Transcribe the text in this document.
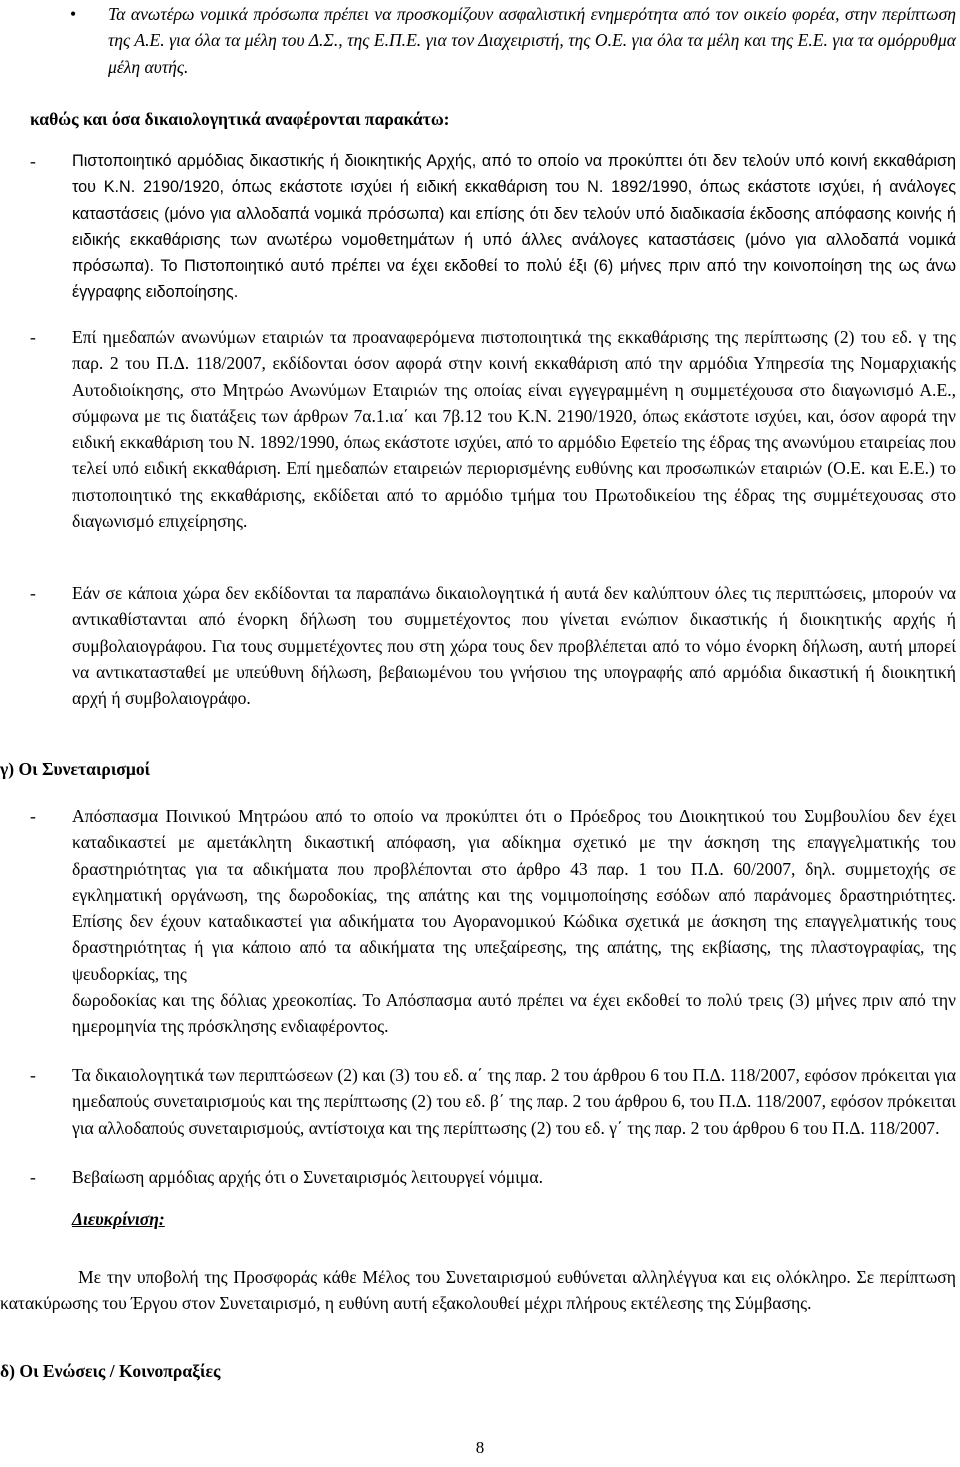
• Τα ανωτέρω νομικά πρόσωπα πρέπει να προσκομίζουν ασφαλιστική ενημερότητα από τον οικείο φορέα, στην περίπτωση της Α.Ε. για όλα τα μέλη του Δ.Σ., της Ε.Π.Ε. για τον Διαχειριστή, της Ο.Ε. για όλα τα μέλη και της Ε.Ε. για τα ομόρρυθμα μέλη αυτής.
καθώς και όσα δικαιολογητικά αναφέρονται παρακάτω:
- Πιστοποιητικό αρμόδιας δικαστικής ή διοικητικής Αρχής, από το οποίο να προκύπτει ότι δεν τελούν υπό κοινή εκκαθάριση του Κ.Ν. 2190/1920, όπως εκάστοτε ισχύει ή ειδική εκκαθάριση του Ν. 1892/1990, όπως εκάστοτε ισχύει, ή ανάλογες καταστάσεις (μόνο για αλλοδαπά νομικά πρόσωπα) και επίσης ότι δεν τελούν υπό διαδικασία έκδοσης απόφασης κοινής ή ειδικής εκκαθάρισης των ανωτέρω νομοθετημάτων ή υπό άλλες ανάλογες καταστάσεις (μόνο για αλλοδαπά νομικά πρόσωπα). Το Πιστοποιητικό αυτό πρέπει να έχει εκδοθεί το πολύ έξι (6) μήνες πριν από την κοινοποίηση της ως άνω έγγραφης ειδοποίησης.
- Επί ημεδαπών ανωνύμων εταιριών τα προαναφερόμενα πιστοποιητικά της εκκαθάρισης της περίπτωσης (2) του εδ. γ της παρ. 2 του Π.Δ. 118/2007, εκδίδονται όσον αφορά στην κοινή εκκαθάριση από την αρμόδια Υπηρεσία της Νομαρχιακής Αυτοδιοίκησης, στο Μητρώο Ανωνύμων Εταιριών της οποίας είναι εγγεγραμμένη η συμμετέχουσα στο διαγωνισμό Α.Ε., σύμφωνα με τις διατάξεις των άρθρων 7α.1.ια΄ και 7β.12 του Κ.Ν. 2190/1920, όπως εκάστοτε ισχύει, και, όσον αφορά την ειδική εκκαθάριση του Ν. 1892/1990, όπως εκάστοτε ισχύει, από το αρμόδιο Εφετείο της έδρας της ανωνύμου εταιρείας που τελεί υπό ειδική εκκαθάριση. Επί ημεδαπών εταιρειών περιορισμένης ευθύνης και προσωπικών εταιριών (Ο.Ε. και Ε.Ε.) το πιστοποιητικό της εκκαθάρισης, εκδίδεται από το αρμόδιο τμήμα του Πρωτοδικείου της έδρας της συμμέτεχουσας στο διαγωνισμό επιχείρησης.
- Εάν σε κάποια χώρα δεν εκδίδονται τα παραπάνω δικαιολογητικά ή αυτά δεν καλύπτουν όλες τις περιπτώσεις, μπορούν να αντικαθίστανται από ένορκη δήλωση του συμμετέχοντος που γίνεται ενώπιον δικαστικής ή διοικητικής αρχής ή συμβολαιογράφου. Για τους συμμετέχοντες που στη χώρα τους δεν προβλέπεται από το νόμο ένορκη δήλωση, αυτή μπορεί να αντικατασταθεί με υπεύθυνη δήλωση, βεβαιωμένου του γνήσιου της υπογραφής από αρμόδια δικαστική ή διοικητική αρχή ή συμβολαιογράφο.
γ) Οι Συνεταιρισμοί
- Απόσπασμα Ποινικού Μητρώου από το οποίο να προκύπτει ότι ο Πρόεδρος του Διοικητικού του Συμβουλίου δεν έχει καταδικαστεί με αμετάκλητη δικαστική απόφαση, για αδίκημα σχετικό με την άσκηση της επαγγελματικής του δραστηριότητας για τα αδικήματα που προβλέπονται στο άρθρο 43 παρ. 1 του Π.Δ. 60/2007, δηλ. συμμετοχής σε εγκληματική οργάνωση, της δωροδοκίας, της απάτης και της νομιμοποίησης εσόδων από παράνομες δραστηριότητες. Επίσης δεν έχουν καταδικαστεί για αδικήματα του Αγορανομικού Κώδικα σχετικά με άσκηση της επαγγελματικής τους δραστηριότητας ή για κάποιο από τα αδικήματα της υπεξαίρεσης, της απάτης, της εκβίασης, της πλαστογραφίας, της ψευδορκίας, της
δωροδοκίας και της δόλιας χρεοκοπίας. Το Απόσπασμα αυτό πρέπει να έχει εκδοθεί το πολύ τρεις (3) μήνες πριν από την ημερομηνία της πρόσκλησης ενδιαφέροντος.
- Τα δικαιολογητικά των περιπτώσεων (2) και (3) του εδ. α΄ της παρ. 2 του άρθρου 6 του Π.Δ. 118/2007, εφόσον πρόκειται για ημεδαπούς συνεταιρισμούς και της περίπτωσης (2) του εδ. β΄ της παρ. 2 του άρθρου 6, του Π.Δ. 118/2007, εφόσον πρόκειται για αλλοδαπούς συνεταιρισμούς, αντίστοιχα και της περίπτωσης (2) του εδ. γ΄ της παρ. 2 του άρθρου 6 του Π.Δ. 118/2007.
- Βεβαίωση αρμόδιας αρχής ότι ο Συνεταιρισμός λειτουργεί νόμιμα.
Διευκρίνιση:
Με την υποβολή της Προσφοράς κάθε Μέλος του Συνεταιρισμού ευθύνεται αλληλέγγυα και εις ολόκληρο. Σε περίπτωση κατακύρωσης του Έργου στον Συνεταιρισμό, η ευθύνη αυτή εξακολουθεί μέχρι πλήρους εκτέλεσης της Σύμβασης.
δ) Οι Ενώσεις / Κοινοπραξίες
8
